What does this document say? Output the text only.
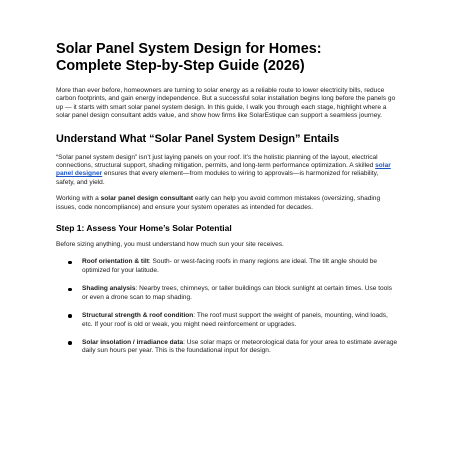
Solar Panel System Design for Homes:
Complete Step-by-Step Guide (2026)

More than ever before, homeowners are turning to solar energy as a reliable route to lower electricity bills, reduce carbon footprints, and gain energy independence. But a successful solar installation begins long before the panels go up — it starts with smart solar panel system design. In this guide, I walk you through each stage, highlight where a solar panel design consultant adds value, and show how firms like SolarEstique can support a seamless journey.

Understand What “Solar Panel System Design” Entails

“Solar panel system design” isn’t just laying panels on your roof. It’s the holistic planning of the layout, electrical connections, structural support, shading mitigation, permits, and long-term performance optimization. A skilled solar panel designer ensures that every element—from modules to wiring to approvals—is harmonized for reliability, safety, and yield.

Working with a solar panel design consultant early can help you avoid common mistakes (oversizing, shading issues, code noncompliance) and ensure your system operates as intended for decades.

Step 1: Assess Your Home’s Solar Potential

Before sizing anything, you must understand how much sun your site receives.

Roof orientation & tilt: South- or west-facing roofs in many regions are ideal. The tilt angle should be optimized for your latitude.
Shading analysis: Nearby trees, chimneys, or taller buildings can block sunlight at certain times. Use tools or even a drone scan to map shading.
Structural strength & roof condition: The roof must support the weight of panels, mounting, wind loads, etc. If your roof is old or weak, you might need reinforcement or upgrades.
Solar insolation / irradiance data: Use solar maps or meteorological data for your area to estimate average daily sun hours per year. This is the foundational input for design.
